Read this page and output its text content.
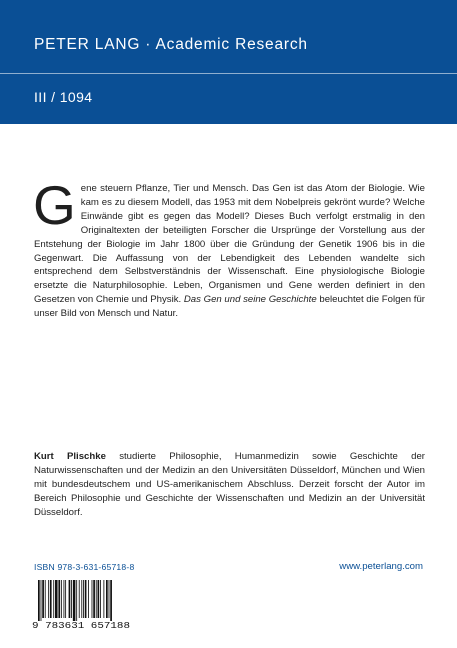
PETER LANG · Academic Research
III / 1094

Gene steuern Pflanze, Tier und Mensch. Das Gen ist das Atom der Biologie. Wie kam es zu diesem Modell, das 1953 mit dem Nobelpreis gekrönt wurde? Welche Einwände gibt es gegen das Modell? Dieses Buch verfolgt erstmalig in den Originaltexten der beteiligten Forscher die Ursprünge der Vorstellung aus der Entstehung der Biologie im Jahr 1800 über die Gründung der Genetik 1906 bis in die Gegenwart. Die Auffassung von der Lebendigkeit des Lebenden wandelte sich entsprechend dem Selbstverständnis der Wissenschaft. Eine physiologische Biologie ersetzte die Naturphilosophie. Leben, Organismen und Gene werden definiert in den Gesetzen von Chemie und Physik. Das Gen und seine Geschichte beleuchtet die Folgen für unser Bild von Mensch und Natur.

Kurt Plischke studierte Philosophie, Humanmedizin sowie Geschichte der Naturwissenschaften und der Medizin an den Universitäten Düsseldorf, München und Wien mit bundesdeutschem und US-amerikanischem Abschluss. Derzeit forscht der Autor im Bereich Philosophie und Geschichte der Wissenschaften und Medizin an der Universität Düsseldorf.

ISBN 978-3-631-65718-8	www.peterlang.com
9 783631 657188
